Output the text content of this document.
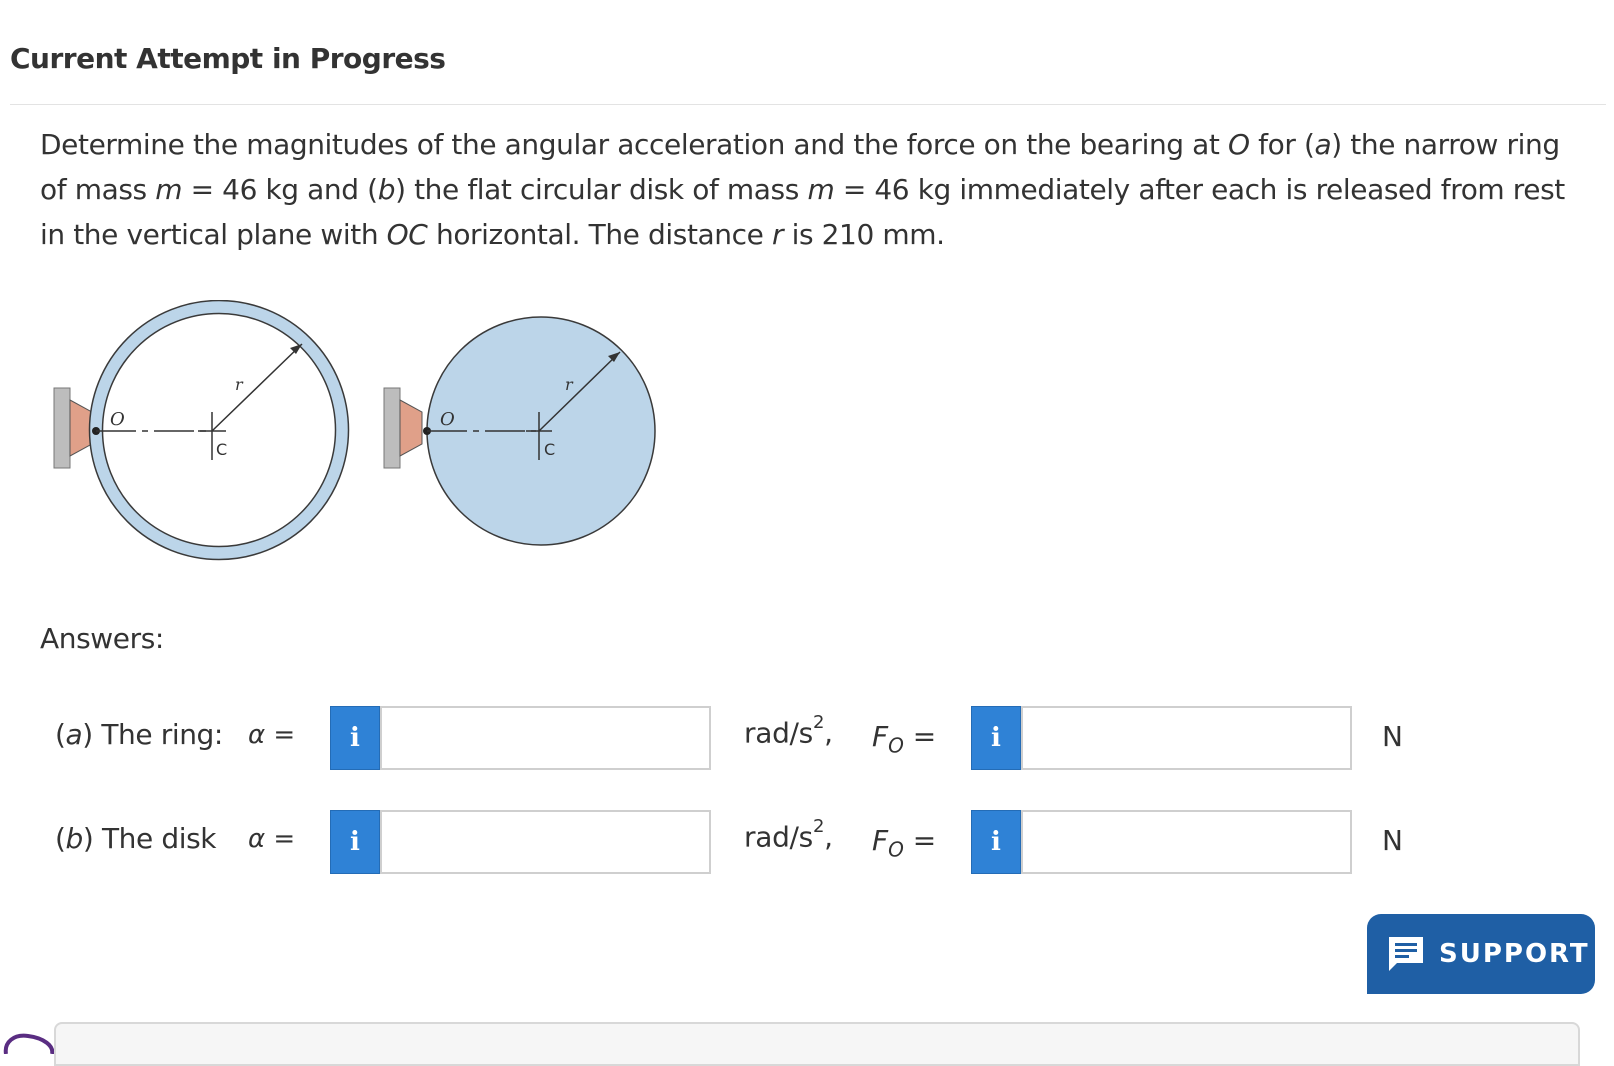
Current Attempt in Progress
Determine the magnitudes of the angular acceleration and the force on the bearing at O for (a) the narrow ring of mass m = 46 kg and (b) the flat circular disk of mass m = 46 kg immediately after each is released from rest in the vertical plane with OC horizontal. The distance r is 210 mm.
O
C
r
O
C
r
Answers:
(a) The ring: α =	i	rad/$s^2$, $F_O$ =	i	N
(b) The disk α =	i	rad/$s^2$, $F_O$ =	i	N
SUPPORT
